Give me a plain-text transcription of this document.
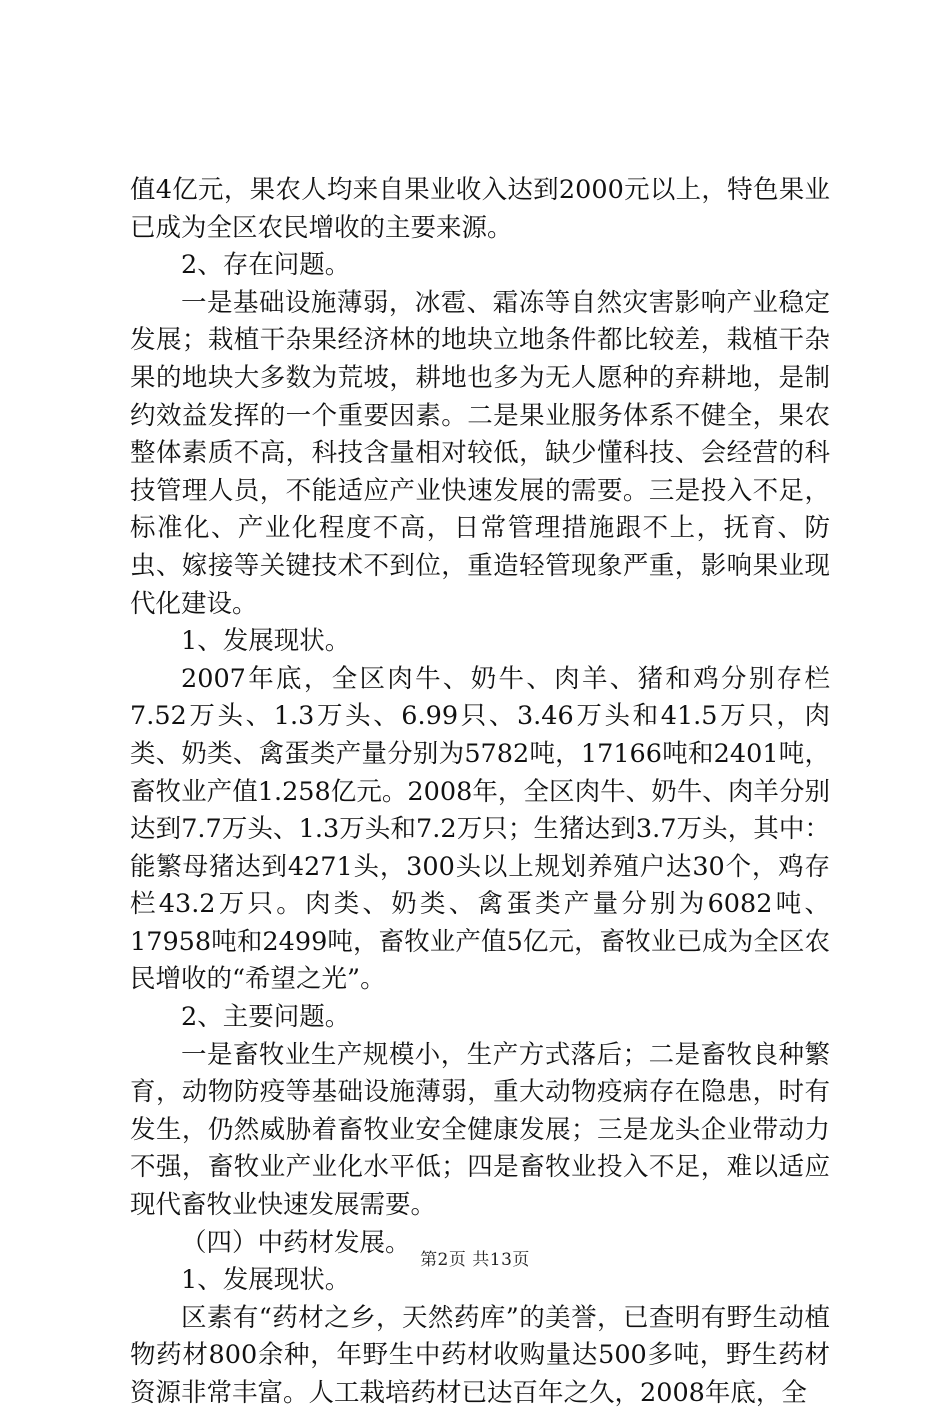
值4亿元，果农人均来自果业收入达到2000元以上，特色果业已成为全区农民增收的主要来源。

2、存在问题。

一是基础设施薄弱，冰雹、霜冻等自然灾害影响产业稳定发展；栽植干杂果经济林的地块立地条件都比较差，栽植干杂果的地块大多数为荒坡，耕地也多为无人愿种的弃耕地，是制约效益发挥的一个重要因素。二是果业服务体系不健全，果农整体素质不高，科技含量相对较低，缺少懂科技、会经营的科技管理人员，不能适应产业快速发展的需要。三是投入不足，标准化、产业化程度不高，日常管理措施跟不上，抚育、防虫、嫁接等关键技术不到位，重造轻管现象严重，影响果业现代化建设。

1、发展现状。

2007年底，全区肉牛、奶牛、肉羊、猪和鸡分别存栏7.52万头、1.3万头、6.99只、3.46万头和41.5万只，肉类、奶类、禽蛋类产量分别为5782吨，17166吨和2401吨，畜牧业产值1.258亿元。2008年，全区肉牛、奶牛、肉羊分别达到7.7万头、1.3万头和7.2万只；生猪达到3.7万头，其中：能繁母猪达到4271头，300头以上规划养殖户达30个，鸡存栏43.2万只。肉类、奶类、禽蛋类产量分别为6082吨、17958吨和2499吨，畜牧业产值5亿元，畜牧业已成为全区农民增收的“希望之光”。

2、主要问题。

一是畜牧业生产规模小，生产方式落后；二是畜牧良种繁育，动物防疫等基础设施薄弱，重大动物疫病存在隐患，时有发生，仍然威胁着畜牧业安全健康发展；三是龙头企业带动力不强，畜牧业产业化水平低；四是畜牧业投入不足，难以适应现代畜牧业快速发展需要。

（四）中药材发展。

1、发展现状。

区素有“药材之乡，天然药库”的美誉，已查明有野生动植物药材800余种，年野生中药材收购量达500多吨，野生药材资源非常丰富。人工栽培药材已达百年之久，2008年底，全

第2页 共13页
